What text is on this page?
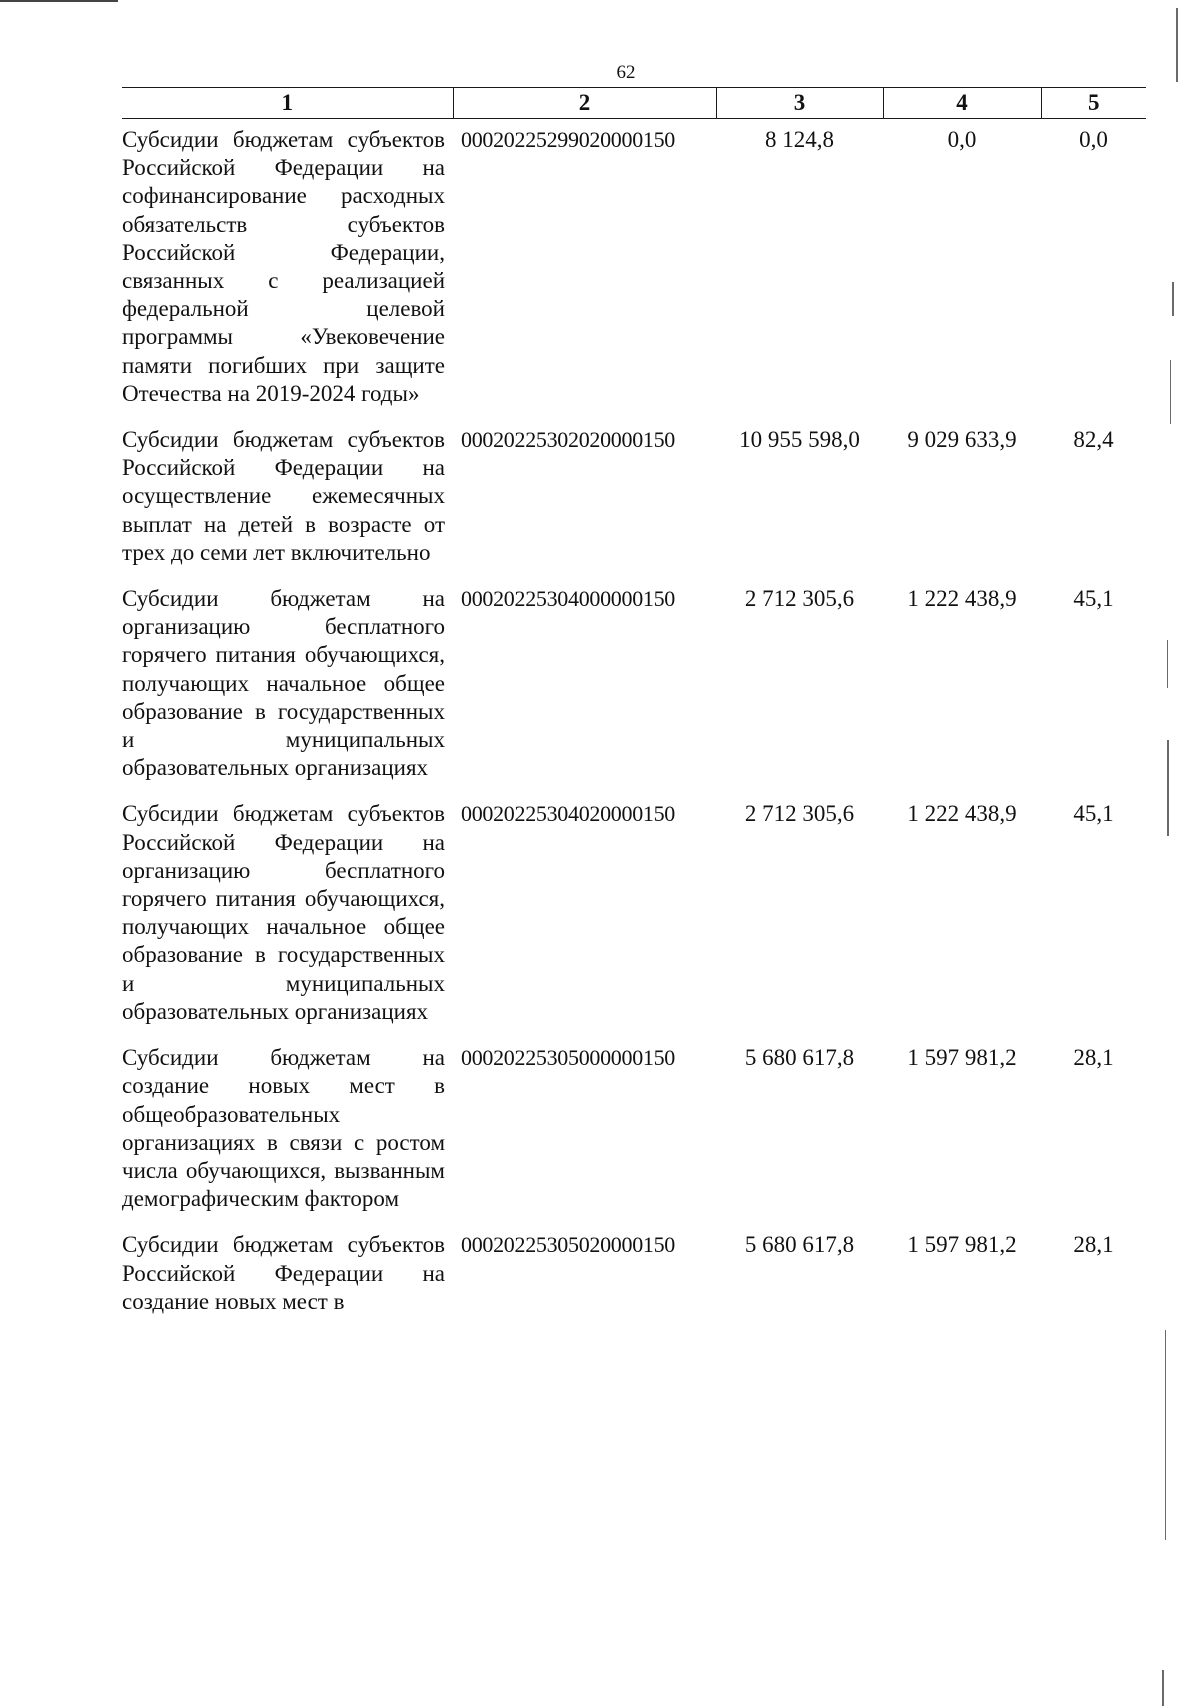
62
1	2	3	4	5
Субсидии бюджетам субъектов Российской Федерации на софинансирование расходных обязательств субъектов Российской Федерации, связанных с реализацией федеральной целевой программы «Увековечение памяти погибших при защите Отечества на 2019-2024 годы»	00020225299020000150	8 124,8	0,0	0,0
Субсидии бюджетам субъектов Российской Федерации на осуществление ежемесячных выплат на детей в возрасте от трех до семи лет включительно	00020225302020000150	10 955 598,0	9 029 633,9	82,4
Субсидии бюджетам на организацию бесплатного горячего питания обучающихся, получающих начальное общее образование в государственных и муниципальных образовательных организациях	00020225304000000150	2 712 305,6	1 222 438,9	45,1
Субсидии бюджетам субъектов Российской Федерации на организацию бесплатного горячего питания обучающихся, получающих начальное общее образование в государственных и муниципальных образовательных организациях	00020225304020000150	2 712 305,6	1 222 438,9	45,1
Субсидии бюджетам на создание новых мест в общеобразовательных организациях в связи с ростом числа обучающихся, вызванным демографическим фактором	00020225305000000150	5 680 617,8	1 597 981,2	28,1
Субсидии бюджетам субъектов Российской Федерации на создание новых мест в	00020225305020000150	5 680 617,8	1 597 981,2	28,1
